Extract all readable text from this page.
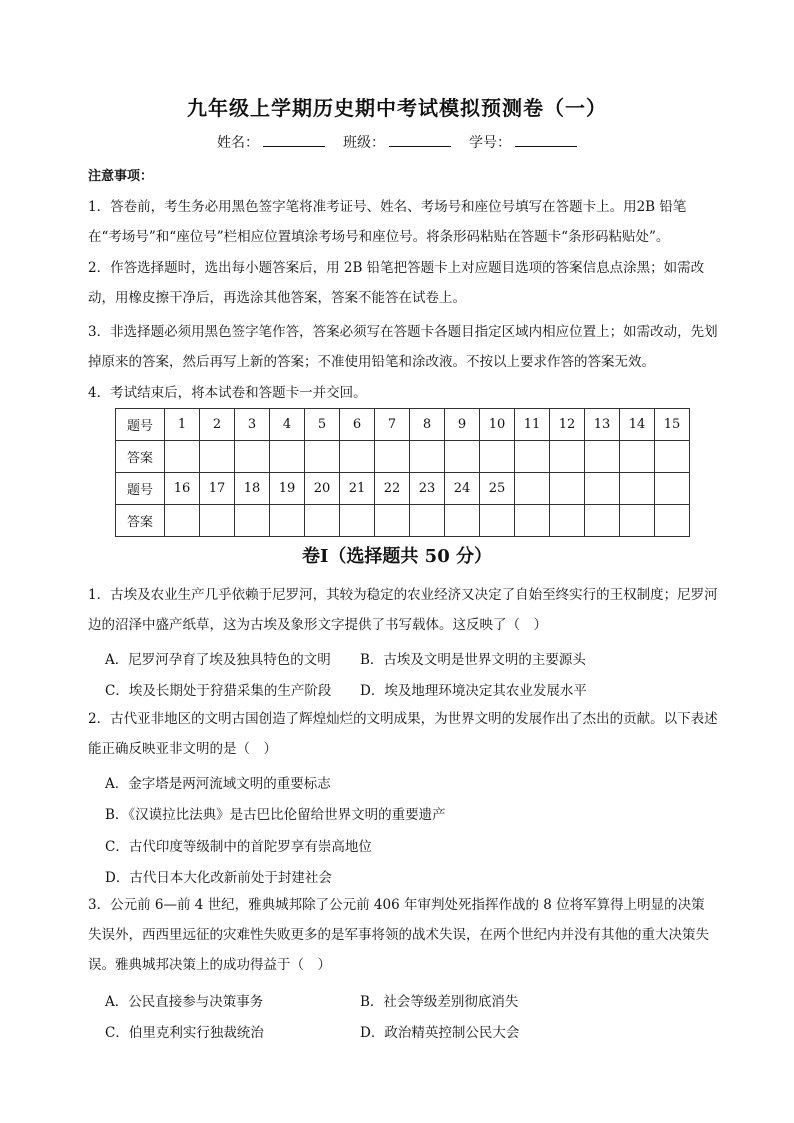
九年级上学期历史期中考试模拟预测卷（一）
姓名：	班级：	学号：
注意事项：
1．答卷前，考生务必用黑色签字笔将准考证号、姓名、考场号和座位号填写在答题卡上。用2B 铅笔在“考场号”和“座位号”栏相应位置填涂考场号和座位号。将条形码粘贴在答题卡“条形码粘贴处”。
2．作答选择题时，选出每小题答案后，用 2B 铅笔把答题卡上对应题目选项的答案信息点涂黑；如需改动，用橡皮擦干净后，再选涂其他答案，答案不能答在试卷上。
3．非选择题必须用黑色签字笔作答，答案必须写在答题卡各题目指定区域内相应位置上；如需改动，先划掉原来的答案，然后再写上新的答案；不准使用铅笔和涂改液。不按以上要求作答的答案无效。
4．考试结束后，将本试卷和答题卡一并交回。
题号	1	2	3	4	5	6	7	8	9	10	11	12	13	14	15
答案															
题号	16	17	18	19	20	21	22	23	24	25					
答案															
卷Ⅰ（选择题共 50 分）
1．古埃及农业生产几乎依赖于尼罗河，其较为稳定的农业经济又决定了自始至终实行的王权制度；尼罗河边的沼泽中盛产纸草，这为古埃及象形文字提供了书写载体。这反映了（　）
A．尼罗河孕育了埃及独具特色的文明 B．古埃及文明是世界文明的主要源头
C．埃及长期处于狩猎采集的生产阶段 D．埃及地理环境决定其农业发展水平
2．古代亚非地区的文明古国创造了辉煌灿烂的文明成果，为世界文明的发展作出了杰出的贡献。以下表述能正确反映亚非文明的是（　）
A．金字塔是两河流域文明的重要标志
B．《汉谟拉比法典》是古巴比伦留给世界文明的重要遗产
C．古代印度等级制中的首陀罗享有崇高地位
D．古代日本大化改新前处于封建社会
3．公元前 6—前 4 世纪，雅典城邦除了公元前 406 年审判处死指挥作战的 8 位将军算得上明显的决策失误外，西西里远征的灾难性失败更多的是军事将领的战术失误，在两个世纪内并没有其他的重大决策失误。雅典城邦决策上的成功得益于（　）
A．公民直接参与决策事务	B．社会等级差别彻底消失
C．伯里克利实行独裁统治	D．政治精英控制公民大会
